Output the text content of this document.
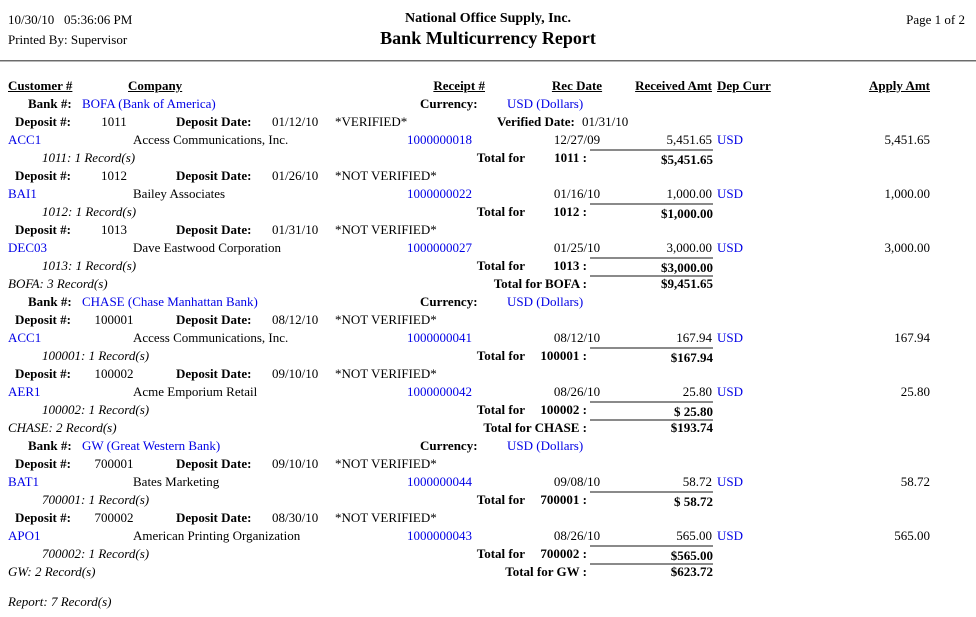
10/30/10 05:36:06 PM	National Office Supply, Inc.	Page 1 of 2
Printed By: Supervisor	Bank Multicurrency Report
Customer #	Company	Receipt #	Rec Date	Received Amt Dep Curr	Apply Amt
Bank #: BOFA (Bank of America)	Currency: USD (Dollars)
Deposit #:	1011	Deposit Date: 01/12/10 *VERIFIED*	Verified Date: 01/31/10
ACC1	Access Communications, Inc.	1000000018	12/27/09	5,451.65 USD	5,451.65
1011: 1 Record(s)	Total for	1011 :	$5,451.65
Deposit #:	1012	Deposit Date: 01/26/10 *NOT VERIFIED*
BAI1	Bailey Associates	1000000022	01/16/10	1,000.00 USD	1,000.00
1012: 1 Record(s)	Total for	1012 :	$1,000.00
Deposit #:	1013	Deposit Date: 01/31/10 *NOT VERIFIED*
DEC03	Dave Eastwood Corporation	1000000027	01/25/10	3,000.00 USD	3,000.00
1013: 1 Record(s)	Total for	1013 :	$3,000.00
BOFA: 3 Record(s)	Total for BOFA :	$9,451.65
Bank #: CHASE (Chase Manhattan Bank)	Currency: USD (Dollars)
Deposit #:	100001	Deposit Date: 08/12/10 *NOT VERIFIED*
ACC1	Access Communications, Inc.	1000000041	08/12/10	167.94 USD	167.94
100001: 1 Record(s)	Total for	100001 :	$167.94
Deposit #:	100002	Deposit Date: 09/10/10 *NOT VERIFIED*
AER1	Acme Emporium Retail	1000000042	08/26/10	25.80 USD	25.80
100002: 1 Record(s)	Total for	100002 :	$ 25.80
CHASE: 2 Record(s)	Total for CHASE :	$193.74
Bank #: GW (Great Western Bank)	Currency: USD (Dollars)
Deposit #:	700001	Deposit Date: 09/10/10 *NOT VERIFIED*
BAT1	Bates Marketing	1000000044	09/08/10	58.72 USD	58.72
700001: 1 Record(s)	Total for	700001 :	$ 58.72
Deposit #:	700002	Deposit Date: 08/30/10 *NOT VERIFIED*
APO1	American Printing Organization	1000000043	08/26/10	565.00 USD	565.00
700002: 1 Record(s)	Total for	700002 :	$565.00
GW: 2 Record(s)	Total for GW :	$623.72
Report: 7 Record(s)
